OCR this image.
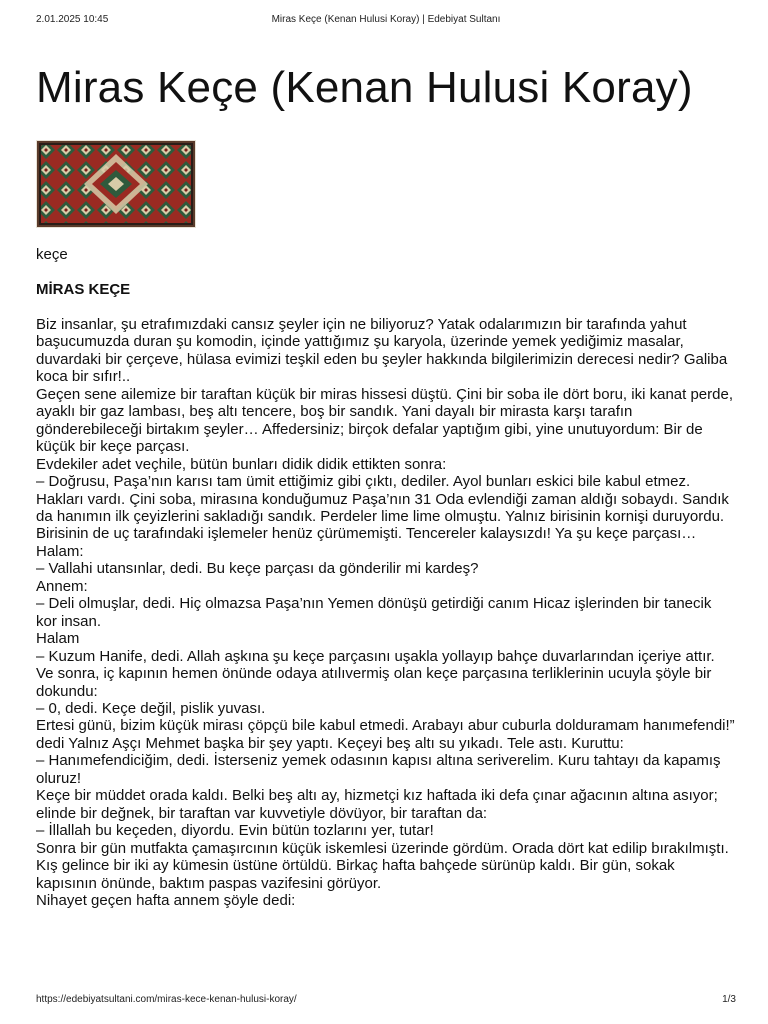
2.01.2025 10:45	Miras Keçe (Kenan Hulusi Koray) | Edebiyat Sultanı
Miras Keçe (Kenan Hulusi Koray)
keçe
MİRAS KEÇE

Biz insanlar, şu etrafımızdaki cansız şeyler için ne biliyoruz? Yatak odalarımızın bir tarafında yahut başucumuzda duran şu komodin, içinde yattığımız şu karyola, üzerinde yemek yediğimiz masalar, duvardaki bir çerçeve, hülasa evimizi teşkil eden bu şeyler hakkında bilgilerimizin derecesi nedir? Galiba koca bir sıfır!..

Geçen sene ailemize bir taraftan küçük bir miras hissesi düştü. Çini bir soba ile dört boru, iki kanat perde, ayaklı bir gaz lambası, beş altı tencere, boş bir sandık. Yani dayalı bir mirasta karşı tarafın gönderebileceği birtakım şeyler… Affedersiniz; birçok defalar yaptığım gibi, yine unutuyordum: Bir de küçük bir keçe parçası.

Evdekiler adet veçhile, bütün bunları didik didik ettikten sonra:

– Doğrusu, Paşa’nın karısı tam ümit ettiğimiz gibi çıktı, dediler. Ayol bunları eskici bile kabul etmez.

Hakları vardı. Çini soba, mirasına konduğumuz Paşa’nın 31 Oda evlendiği zaman aldığı sobaydı. Sandık da hanımın ilk çeyizlerini sakladığı sandık. Perdeler lime lime olmuştu. Yalnız birisinin kornişi duruyordu. Birisinin de uç tarafındaki işlemeler henüz çürümemişti. Tencereler kalaysızdı! Ya şu keçe parçası…

Halam:

– Vallahi utansınlar, dedi. Bu keçe parçası da gönderilir mi kardeş?

Annem:

– Deli olmuşlar, dedi. Hiç olmazsa Paşa’nın Yemen dönüşü getirdiği canım Hicaz işlerinden bir tanecik kor insan.

Halam

– Kuzum Hanife, dedi. Allah aşkına şu keçe parçasını uşakla yollayıp bahçe duvarlarından içeriye attır.

Ve sonra, iç kapının hemen önünde odaya atılıvermiş olan keçe parçasına terliklerinin ucuyla şöyle bir dokundu:

– 0, dedi. Keçe değil, pislik yuvası.

Ertesi günü, bizim küçük mirası çöpçü bile kabul etmedi. Arabayı abur cuburla dolduramam hanımefendi!” dedi Yalnız Aşçı Mehmet başka bir şey yaptı. Keçeyi beş altı su yıkadı. Tele astı. Kuruttu:

– Hanımefendiciğim, dedi. İsterseniz yemek odasının kapısı altına seriverelim. Kuru tahtayı da kapamış oluruz!

Keçe bir müddet orada kaldı. Belki beş altı ay, hizmetçi kız haftada iki defa çınar ağacının altına asıyor; elinde bir değnek, bir taraftan var kuvvetiyle dövüyor, bir taraftan da:

– İllallah bu keçeden, diyordu. Evin bütün tozlarını yer, tutar!

Sonra bir gün mutfakta çamaşırcının küçük iskemlesi üzerinde gördüm. Orada dört kat edilip bırakılmıştı. Kış gelince bir iki ay kümesin üstüne örtüldü. Birkaç hafta bahçede sürünüp kaldı. Bir gün, sokak kapısının önünde, baktım paspas vazifesini görüyor.

Nihayet geçen hafta annem şöyle dedi:

https://edebiyatsultani.com/miras-kece-kenan-hulusi-koray/	1/3
